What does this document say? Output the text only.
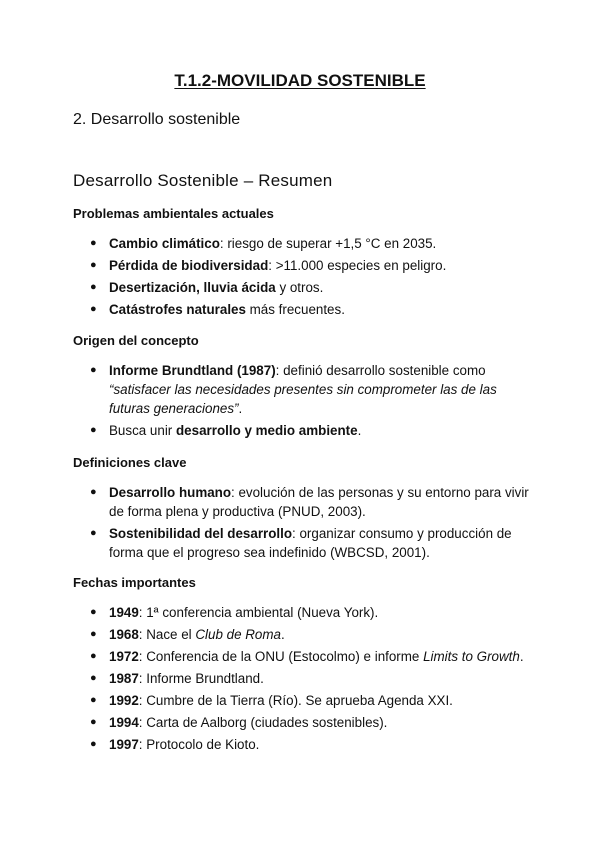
T.1.2-MOVILIDAD SOSTENIBLE
2. Desarrollo sostenible
Desarrollo Sostenible – Resumen
Problemas ambientales actuales
● Cambio climático: riesgo de superar +1,5 °C en 2035.
● Pérdida de biodiversidad: >11.000 especies en peligro.
● Desertización, lluvia ácida y otros.
● Catástrofes naturales más frecuentes.
Origen del concepto
● Informe Brundtland (1987): definió desarrollo sostenible como “satisfacer las necesidades presentes sin comprometer las de las futuras generaciones”.
● Busca unir desarrollo y medio ambiente.
Definiciones clave
● Desarrollo humano: evolución de las personas y su entorno para vivir de forma plena y productiva (PNUD, 2003).
● Sostenibilidad del desarrollo: organizar consumo y producción de forma que el progreso sea indefinido (WBCSD, 2001).
Fechas importantes
● 1949: 1ª conferencia ambiental (Nueva York).
● 1968: Nace el Club de Roma.
● 1972: Conferencia de la ONU (Estocolmo) e informe Limits to Growth.
● 1987: Informe Brundtland.
● 1992: Cumbre de la Tierra (Río). Se aprueba Agenda XXI.
● 1994: Carta de Aalborg (ciudades sostenibles).
● 1997: Protocolo de Kioto.
